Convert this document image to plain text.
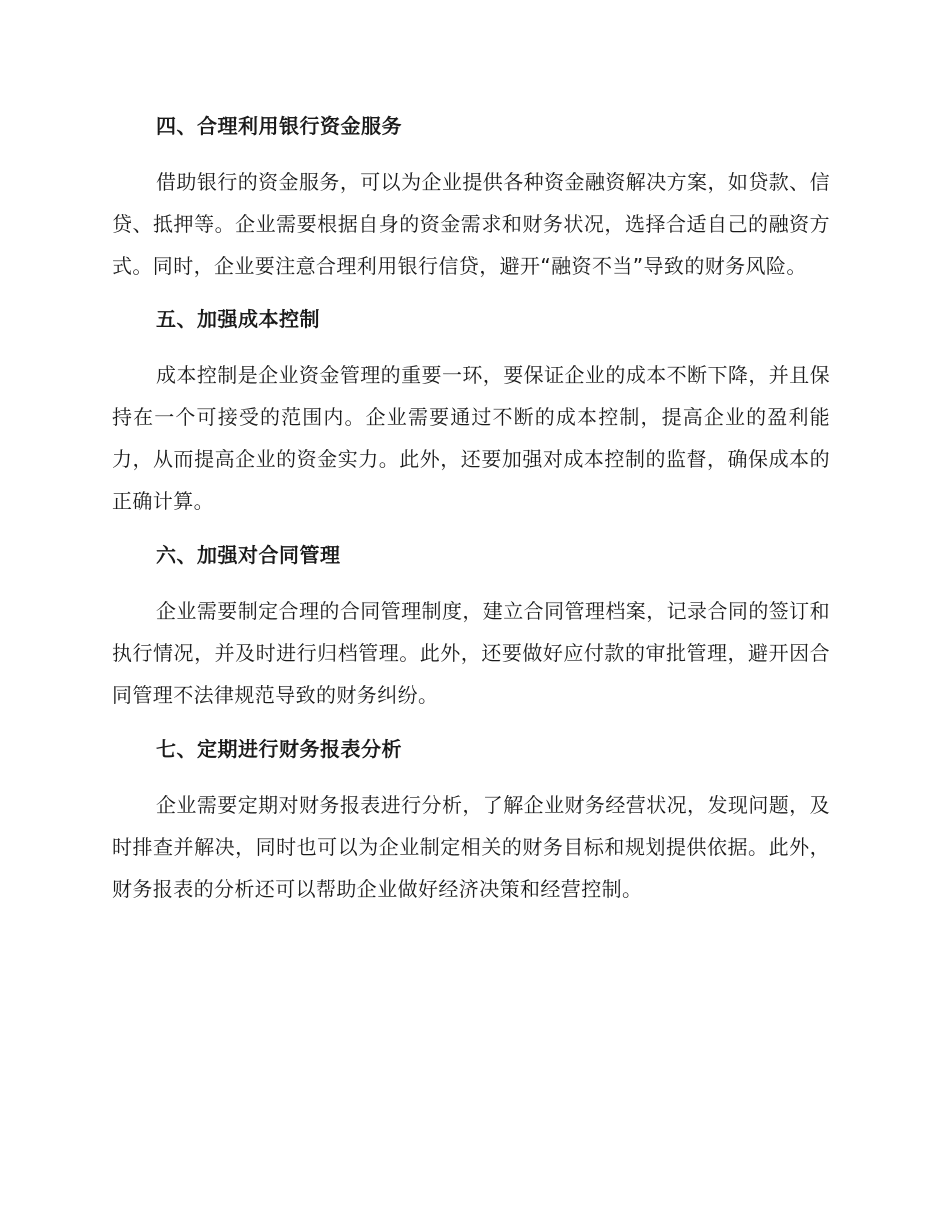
四、合理利用银行资金服务

借助银行的资金服务，可以为企业提供各种资金融资解决方案，如贷款、信贷、抵押等。企业需要根据自身的资金需求和财务状况，选择合适自己的融资方式。同时，企业要注意合理利用银行信贷，避开“融资不当”导致的财务风险。

五、加强成本控制

成本控制是企业资金管理的重要一环，要保证企业的成本不断下降，并且保持在一个可接受的范围内。企业需要通过不断的成本控制，提高企业的盈利能力，从而提高企业的资金实力。此外，还要加强对成本控制的监督，确保成本的正确计算。

六、加强对合同管理

企业需要制定合理的合同管理制度，建立合同管理档案，记录合同的签订和执行情况，并及时进行归档管理。此外，还要做好应付款的审批管理，避开因合同管理不法律规范导致的财务纠纷。

七、定期进行财务报表分析

企业需要定期对财务报表进行分析，了解企业财务经营状况，发现问题，及时排查并解决，同时也可以为企业制定相关的财务目标和规划提供依据。此外，财务报表的分析还可以帮助企业做好经济决策和经营控制。
